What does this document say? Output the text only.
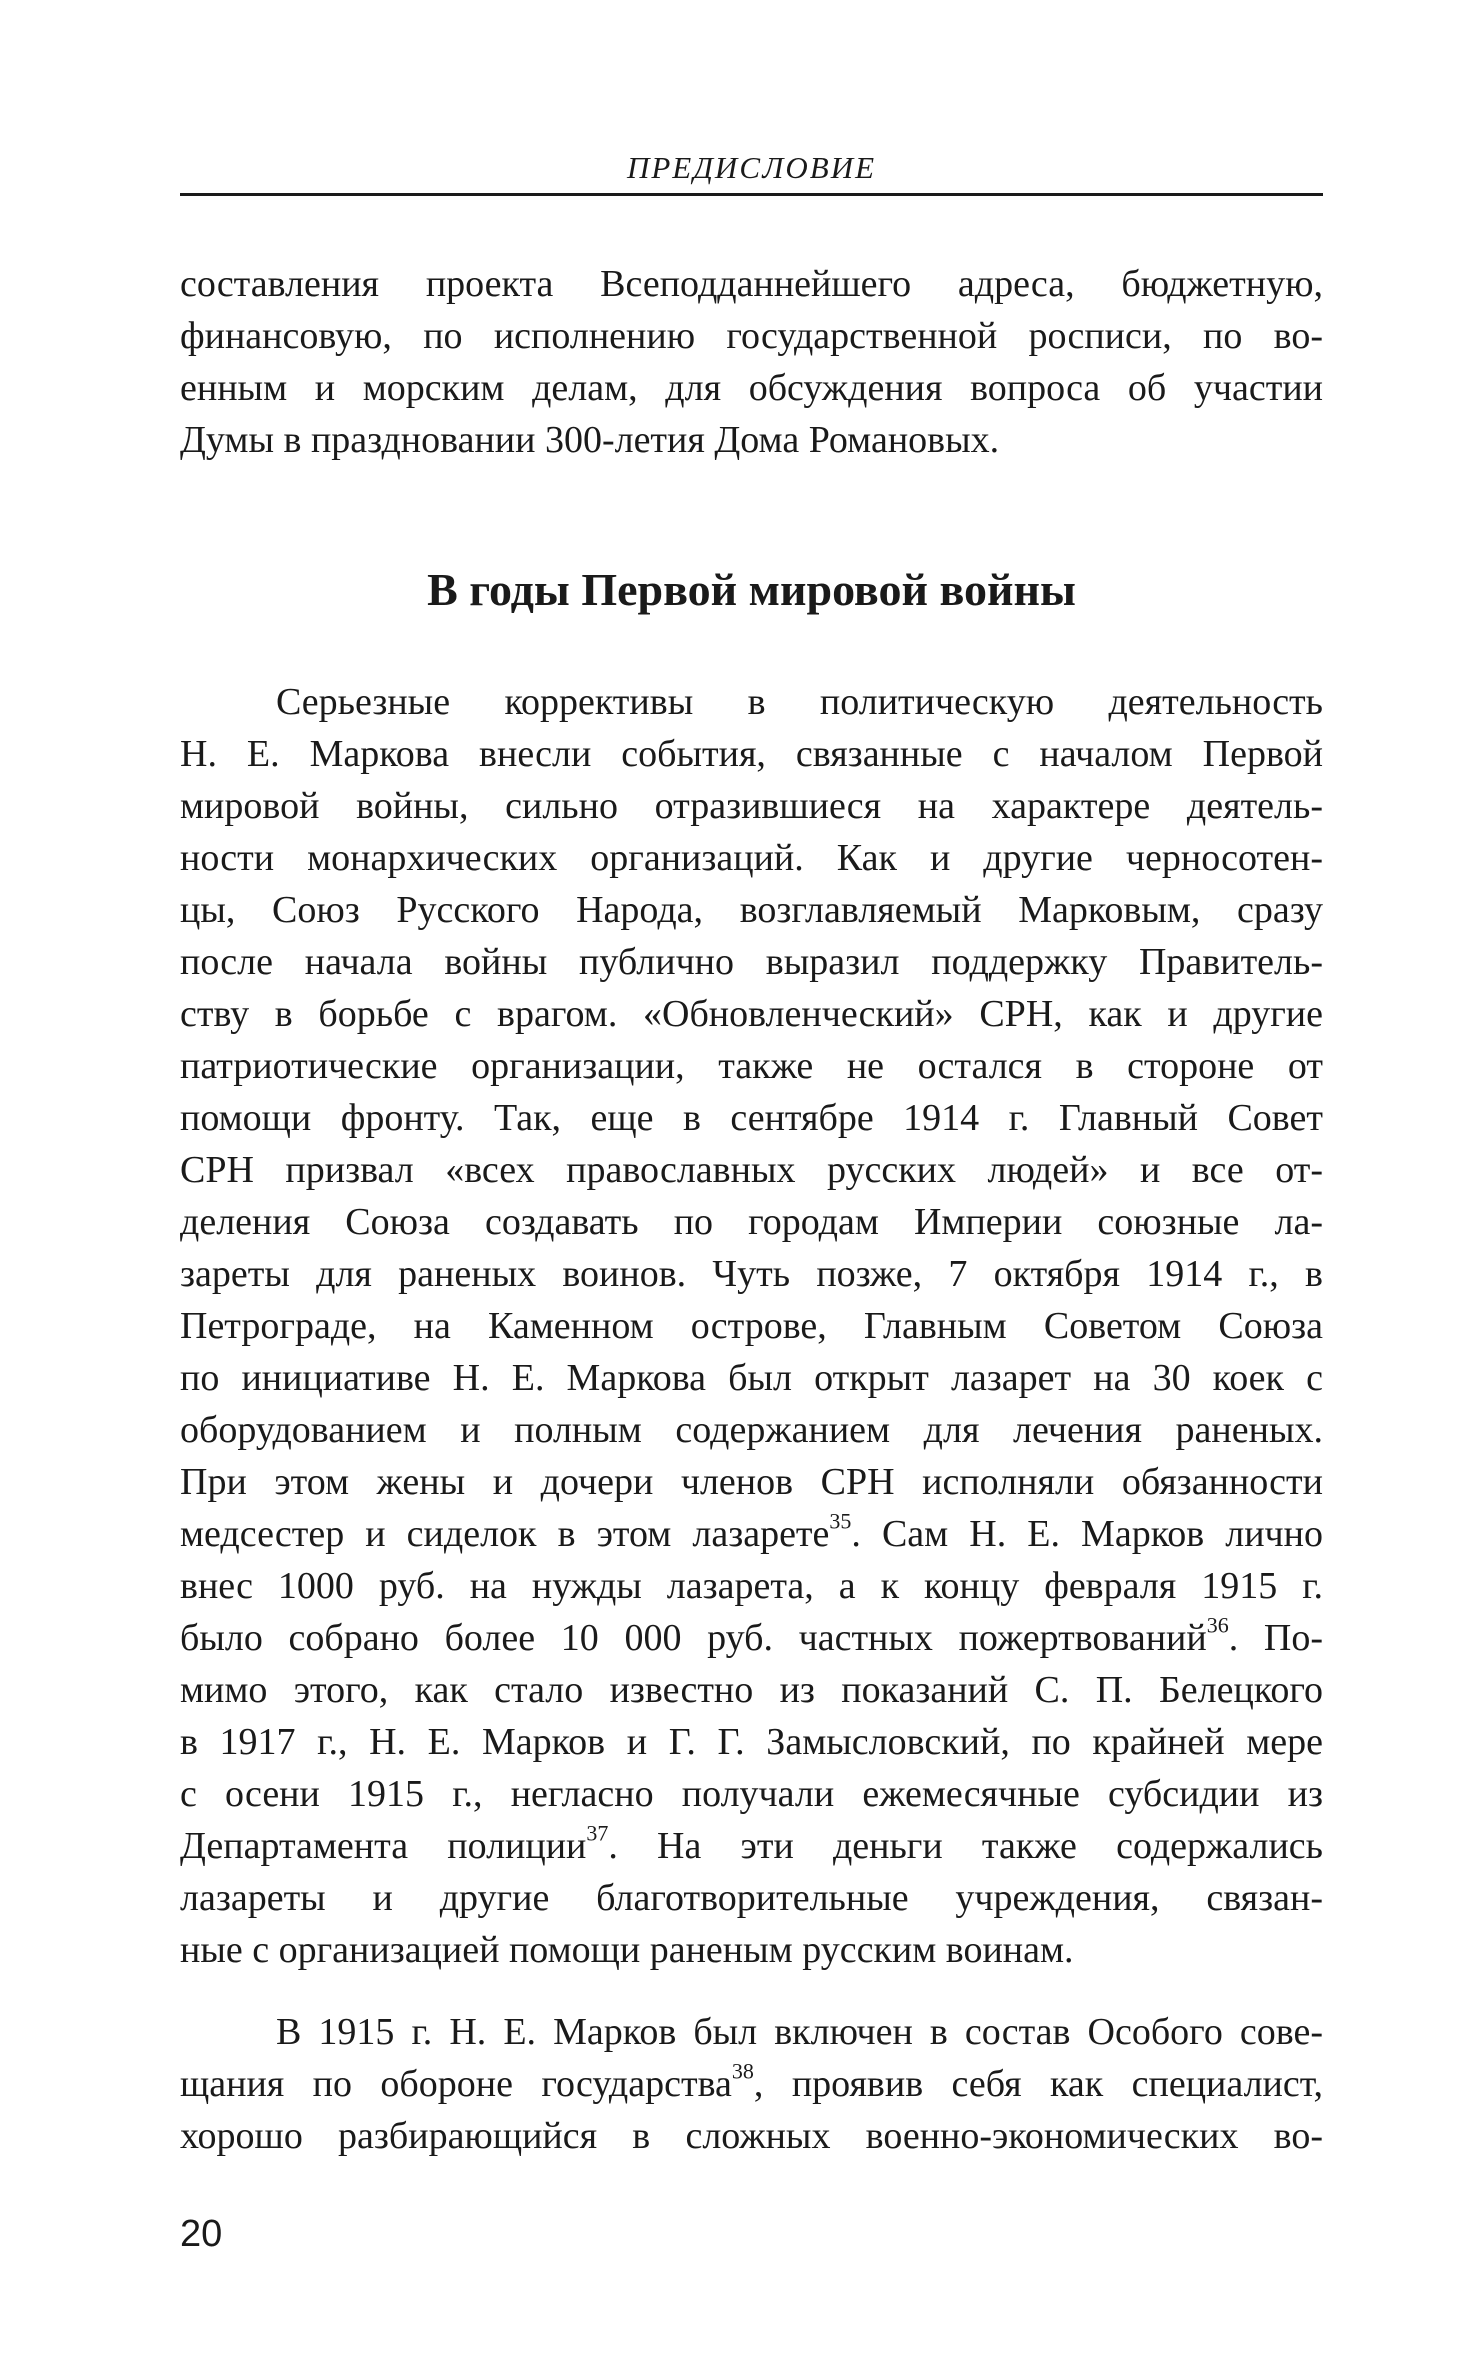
ПРЕДИСЛОВИЕ
составления проекта Всеподданнейшего адреса, бюджетную,
финансовую, по исполнению государственной росписи, по во-
енным и морским делам, для обсуждения вопроса об участии
Думы в праздновании 300-летия Дома Романовых.
В годы Первой мировой войны
Серьезные коррективы в политическую деятельность
Н. Е. Маркова внесли события, связанные с началом Первой
мировой войны, сильно отразившиеся на характере деятель-
ности монархических организаций. Как и другие черносотен-
цы, Союз Русского Народа, возглавляемый Марковым, сразу
после начала войны публично выразил поддержку Правитель-
ству в борьбе с врагом. «Обновленческий» СРН, как и другие
патриотические организации, также не остался в стороне от
помощи фронту. Так, еще в сентябре 1914 г. Главный Совет
СРН призвал «всех православных русских людей» и все от-
деления Союза создавать по городам Империи союзные ла-
зареты для раненых воинов. Чуть позже, 7 октября 1914 г., в
Петрограде, на Каменном острове, Главным Советом Союза
по инициативе Н. Е. Маркова был открыт лазарет на 30 коек с
оборудованием и полным содержанием для лечения раненых.
При этом жены и дочери членов СРН исполняли обязанности
медсестер и сиделок в этом лазарете$^{35}$. Сам Н. Е. Марков лично
внес 1000 руб. на нужды лазарета, а к концу февраля 1915 г.
было собрано более 10 000 руб. частных пожертвований$^{36}$. По-
мимо этого, как стало известно из показаний С. П. Белецкого
в 1917 г., Н. Е. Марков и Г. Г. Замысловский, по крайней мере
с осени 1915 г., негласно получали ежемесячные субсидии из
Департамента полиции$^{37}$. На эти деньги также содержались
лазареты и другие благотворительные учреждения, связан-
ные с организацией помощи раненым русским воинам.
В 1915 г. Н. Е. Марков был включен в состав Особого сове-
щания по обороне государства$^{38}$, проявив себя как специалист,
хорошо разбирающийся в сложных военно-экономических во-
20
